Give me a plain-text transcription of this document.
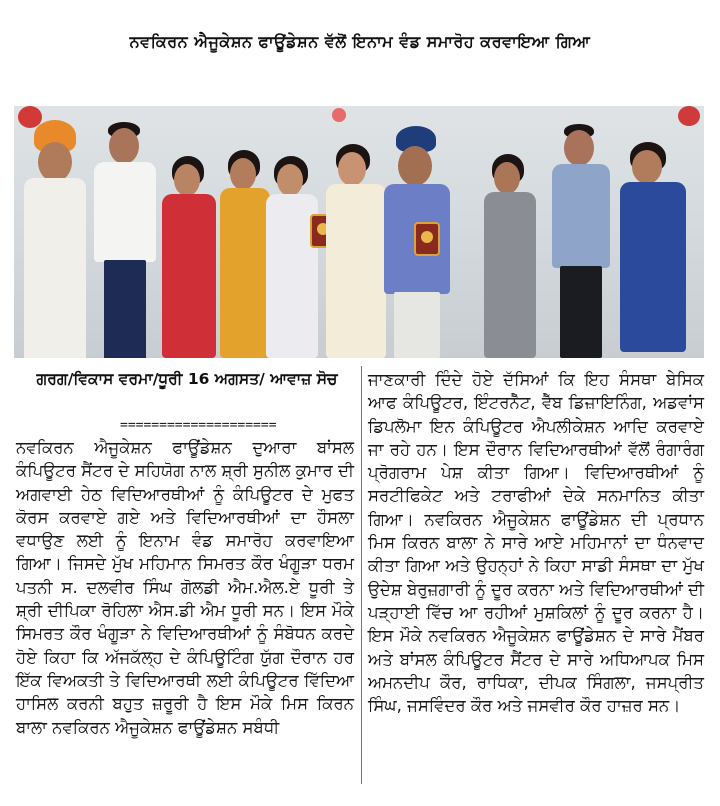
ਨਵਕਿਰਨ ਐਜੂਕੇਸ਼ਨ ਫਾਊਂਡੇਸ਼ਨ ਵੱਲੋਂ ਇਨਾਮ ਵੰਡ ਸਮਾਰੋਹ ਕਰਵਾਇਆ ਗਿਆ
ਗਰਗ/ਵਿਕਾਸ ਵਰਮਾ/ਧੂਰੀ 16 ਅਗਸਤ/ ਆਵਾਜ਼ ਸੋਚ
====================

ਨਵਕਿਰਨ ਐਜੂਕੇਸ਼ਨ ਫਾਊਂਡੇਸ਼ਨ ਦੁਆਰਾ ਬਾਂਸਲ ਕੰਪਿਊਟਰ ਸੈਂਟਰ ਦੇ ਸਹਿਯੋਗ ਨਾਲ ਸ਼੍ਰੀ ਸੁਨੀਲ ਕੁਮਾਰ ਦੀ ਅਗਵਾਈ ਹੇਠ ਵਿਦਿਆਰਥੀਆਂ ਨੂੰ ਕੰਪਿਊਟਰ ਦੇ ਮੁਫਤ ਕੋਰਸ ਕਰਵਾਏ ਗਏ ਅਤੇ ਵਿਦਿਆਰਥੀਆਂ ਦਾ ਹੌਸਲਾ ਵਧਾਉਣ ਲਈ ਨੂੰ ਇਨਾਮ ਵੰਡ ਸਮਾਰੋਹ ਕਰਵਾਇਆ ਗਿਆ। ਜਿਸਦੇ ਮੁੱਖ ਮਹਿਮਾਨ ਸਿਮਰਤ ਕੌਰ ਖੰਗੂੜਾ ਧਰਮ ਪਤਨੀ ਸ. ਦਲਵੀਰ ਸਿੰਘ ਗੋਲਡੀ ਐਮ.ਐਲ.ਏ ਧੂਰੀ ਤੇ ਸ਼੍ਰੀ ਦੀਪਿਕਾ ਰੋਹਿਲਾ ਐਸ.ਡੀ ਐਮ ਧੂਰੀ ਸਨ। ਇਸ ਮੌਕੇ ਸਿਮਰਤ ਕੌਰ ਖੰਗੂੜਾ ਨੇ ਵਿਦਿਆਰਥੀਆਂ ਨੂੰ ਸੰਬੋਧਨ ਕਰਦੇ ਹੋਏ ਕਿਹਾ ਕਿ ਅੱਜਕੱਲ੍ਹ ਦੇ ਕੰਪਿਊਟਿੰਗ ਯੁੱਗ ਦੌਰਾਨ ਹਰ ਇੱਕ ਵਿਅਕਤੀ ਤੇ ਵਿਦਿਆਰਥੀ ਲਈ ਕੰਪਿਊਟਰ ਵਿੱਦਿਆ ਹਾਸਿਲ ਕਰਨੀ ਬਹੁਤ ਜ਼ਰੂਰੀ ਹੈ ਇਸ ਮੌਕੇ ਮਿਸ ਕਿਰਨ ਬਾਲਾ ਨਵਕਿਰਨ ਐਜੂਕੇਸ਼ਨ ਫਾਊਂਡੇਸ਼ਨ ਸਬੰਧੀ

ਜਾਣਕਾਰੀ ਦਿੰਦੇ ਹੋਏ ਦੱਸਿਆਂ ਕਿ ਇਹ ਸੰਸਥਾ ਬੇਸਿਕ ਆਫ ਕੰਪਿਊਟਰ, ਇੰਟਰਨੈੱਟ, ਵੈੱਬ ਡਿਜ਼ਾਇਨਿੰਗ, ਅਡਵਾਂਸ ਡਿਪਲੋਮਾ ਇਨ ਕੰਪਿਊਟਰ ਐਪਲੀਕੇਸ਼ਨ ਆਦਿ ਕਰਵਾਏ ਜਾ ਰਹੇ ਹਨ। ਇਸ ਦੌਰਾਨ ਵਿਦਿਆਰਥੀਆਂ ਵੱਲੋਂ ਰੰਗਾਰੰਗ ਪ੍ਰੋਗਰਾਮ ਪੇਸ਼ ਕੀਤਾ ਗਿਆ। ਵਿਦਿਆਰਥੀਆਂ ਨੂੰ ਸਰਟੀਫਿਕੇਟ ਅਤੇ ਟਰਾਫੀਆਂ ਦੇਕੇ ਸਨਮਾਨਿਤ ਕੀਤਾ ਗਿਆ। ਨਵਕਿਰਨ ਐਜੂਕੇਸ਼ਨ ਫਾਊਂਡੇਸ਼ਨ ਦੀ ਪ੍ਰਧਾਨ ਮਿਸ ਕਿਰਨ ਬਾਲਾ ਨੇ ਸਾਰੇ ਆਏ ਮਹਿਮਾਨਾਂ ਦਾ ਧੰਨਵਾਦ ਕੀਤਾ ਗਿਆ ਅਤੇ ਉਹਨ੍ਹਾਂ ਨੇ ਕਿਹਾ ਸਾਡੀ ਸੰਸਥਾ ਦਾ ਮੁੱਖ ਉਦੇਸ਼ ਬੇਰੁਜ਼ਗਾਰੀ ਨੂੰ ਦੂਰ ਕਰਨਾ ਅਤੇ ਵਿਦਿਆਰਥੀਆਂ ਦੀ ਪੜ੍ਹਾਈ ਵਿੱਚ ਆ ਰਹੀਆਂ ਮੁਸ਼ਕਿਲਾਂ ਨੂੰ ਦੂਰ ਕਰਨਾ ਹੈ। ਇਸ ਮੌਕੇ ਨਵਕਿਰਨ ਐਜੂਕੇਸ਼ਨ ਫਾਊਂਡੇਸ਼ਨ ਦੇ ਸਾਰੇ ਮੈਂਬਰ ਅਤੇ ਬਾਂਸਲ ਕੰਪਿਊਟਰ ਸੈਂਟਰ ਦੇ ਸਾਰੇ ਅਧਿਆਪਕ ਮਿਸ ਅਮਨਦੀਪ ਕੌਰ, ਰਾਧਿਕਾ, ਦੀਪਕ ਸਿੰਗਲਾ, ਜਸਪ੍ਰੀਤ ਸਿੰਘ, ਜਸਵਿੰਦਰ ਕੌਰ ਅਤੇ ਜਸਵੀਰ ਕੌਰ ਹਾਜ਼ਰ ਸਨ।
